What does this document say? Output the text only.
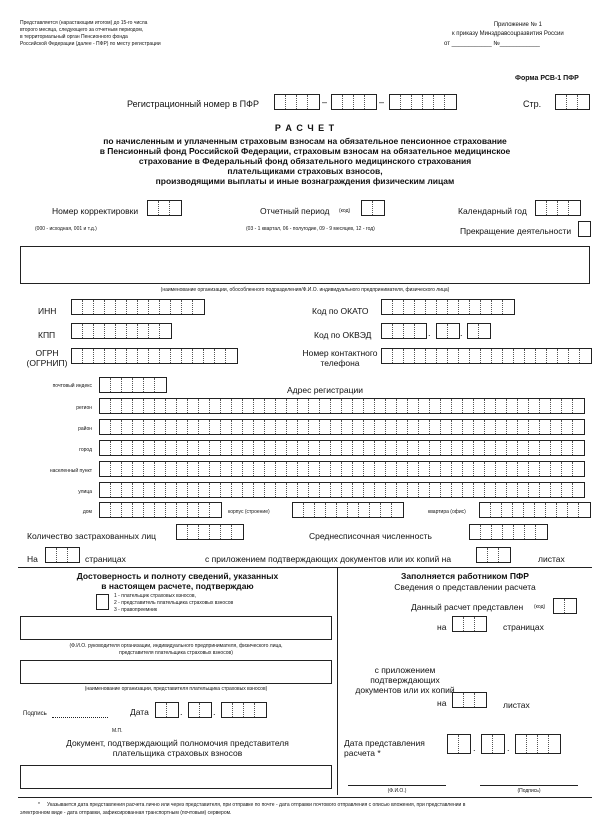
Представляется (нарастающим итогом) до 15-го числа
второго месяца, следующего за отчетным периодом,
в территориальный орган Пенсионного фонда
Российской Федерации (далее - ПФР) по месту регистрации
Приложение № 1
к приказу Минздравсоцразвития России
от ____________ №____________
Форма РСВ-1 ПФР
Регистрационный номер в ПФР	–	–	Стр.
Р А С Ч Е Т
по начисленным и уплаченным страховым взносам на обязательное пенсионное страхование
в Пенсионный фонд Российской Федерации, страховым взносам на обязательное медицинское
страхование в Федеральный фонд обязательного медицинского страхования
плательщиками страховых взносов,
производящими выплаты и иные вознаграждения физическим лицам
Номер корректировки	Отчетный период (код)	Календарный год
(000 - исходная, 001 и т.д.)	(03 - 1 квартал, 06 - полугодие, 09 - 9 месяцев, 12 - год)	Прекращение деятельности
(наименование организации, обособленного подразделения/Ф.И.О. индивидуального предпринимателя, физического лица)
ИНН	Код по ОКАТО
КПП	Код по ОКВЭД	.	.
ОГРН
(ОГРНИП)
Номер контактного
телефона
почтовый индекс	Адрес регистрации
регион
район
город
населенный пункт
улица
дом	корпус (строение)	квартира (офис)
Количество застрахованных лиц	Среднесписочная численность
На	страницах	с приложением подтверждающих документов или их копий на	листах
Достоверность и полноту сведений, указанных
в настоящем расчете, подтверждаю
1 - плательщик страховых взносов,
2 - представитель плательщика страховых взносов
3 - правопреемник
(Ф.И.О. руководителя организации, индивидуального предпринимателя, физического лица,
представителя плательщика страховых взносов)
(наименование организации, представителя плательщика страховых взносов)
Подпись	Дата	.	.
М.П.
Документ, подтверждающий полномочия представителя
плательщика страховых взносов
Заполняется работником ПФР
Сведения о представлении расчета
Данный расчет представлен (код)
на	страницах
с приложением
подтверждающих
документов или их копий
на	листах
Дата представления
расчета *	.	.
(Ф.И.О.)	(Подпись)
* Указывается дата представления расчета лично или через представителя, при отправке по почте - дата отправки почтового отправления с описью вложения, при представлении в
электронном виде - дата отправки, зафиксированная транспортным (почтовым) сервером.
